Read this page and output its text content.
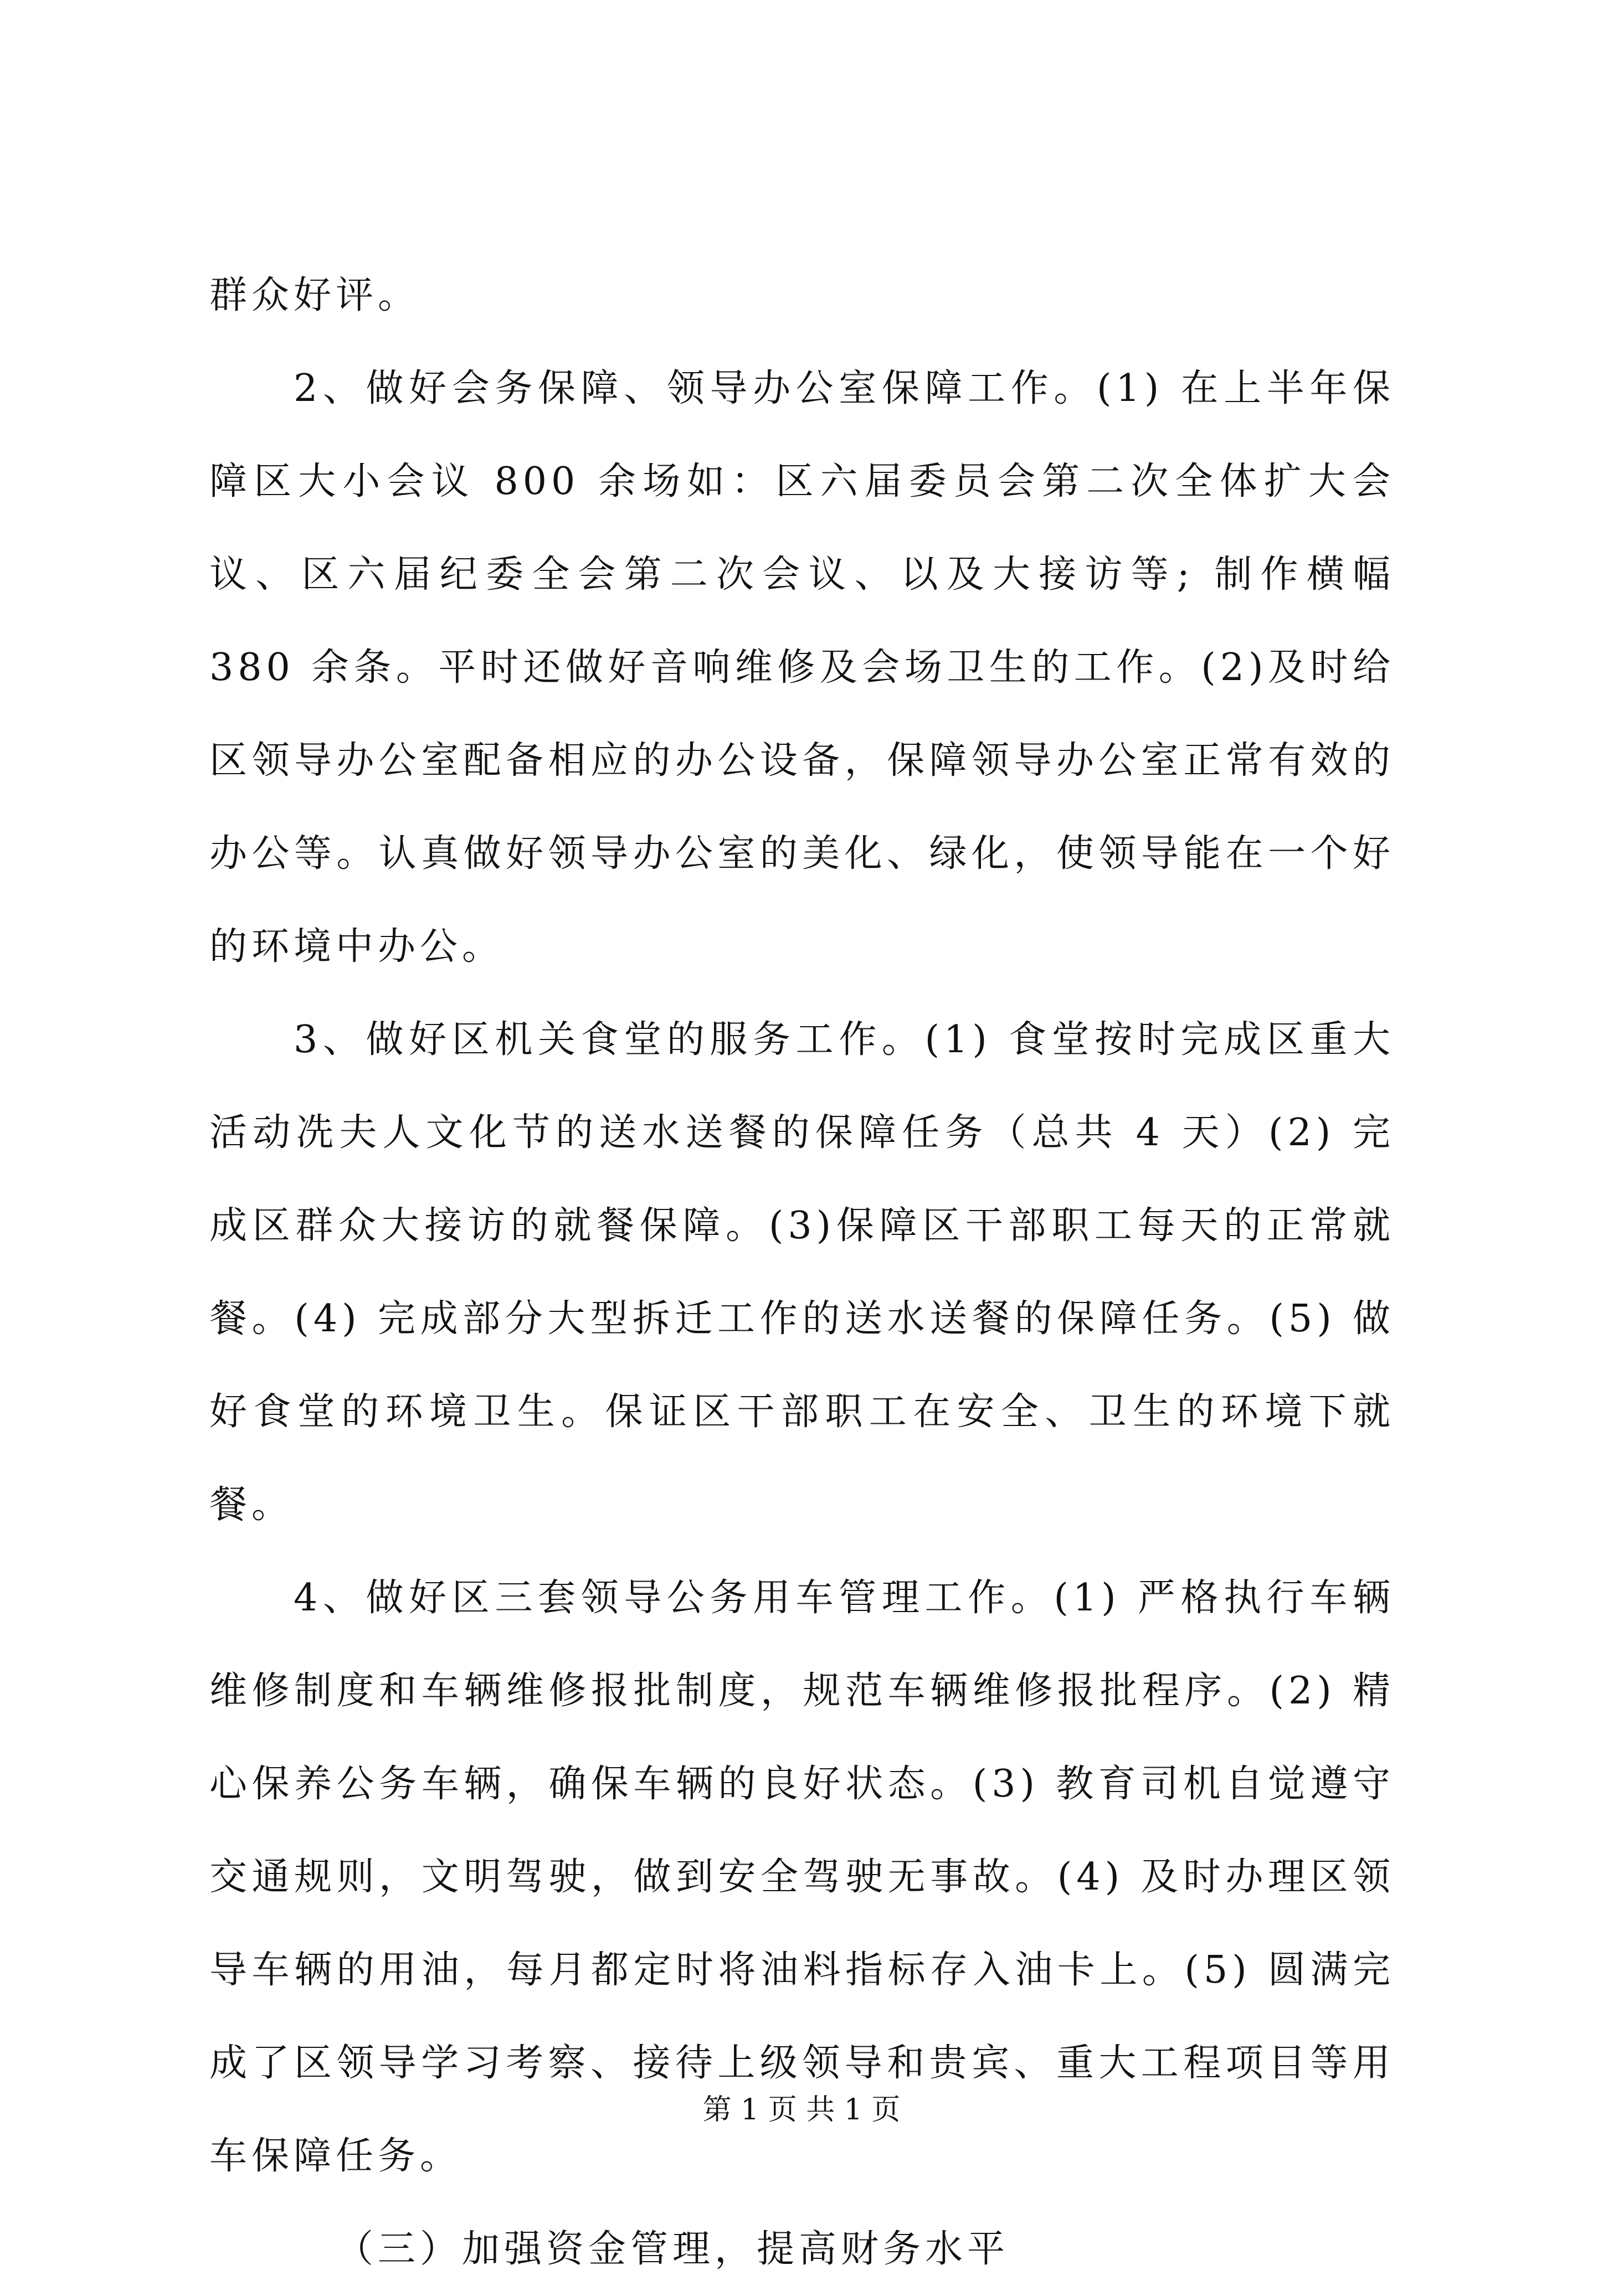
群众好评。

2、做好会务保障、领导办公室保障工作。(1) 在上半年保障区大小会议 800 余场如：区六届委员会第二次全体扩大会议、区六届纪委全会第二次会议、以及大接访等; 制作横幅 380 余条。平时还做好音响维修及会场卫生的工作。(2)及时给区领导办公室配备相应的办公设备，保障领导办公室正常有效的办公等。认真做好领导办公室的美化、绿化，使领导能在一个好的环境中办公。

3、做好区机关食堂的服务工作。(1) 食堂按时完成区重大活动冼夫人文化节的送水送餐的保障任务（总共 4 天）(2) 完成区群众大接访的就餐保障。(3)保障区干部职工每天的正常就餐。(4) 完成部分大型拆迁工作的送水送餐的保障任务。(5) 做好食堂的环境卫生。保证区干部职工在安全、卫生的环境下就餐。

4、做好区三套领导公务用车管理工作。(1) 严格执行车辆维修制度和车辆维修报批制度，规范车辆维修报批程序。(2) 精心保养公务车辆，确保车辆的良好状态。(3) 教育司机自觉遵守交通规则，文明驾驶，做到安全驾驶无事故。(4) 及时办理区领导车辆的用油，每月都定时将油料指标存入油卡上。(5) 圆满完成了区领导学习考察、接待上级领导和贵宾、重大工程项目等用车保障任务。

（三）加强资金管理，提高财务水平

第 1 页 共 1 页
